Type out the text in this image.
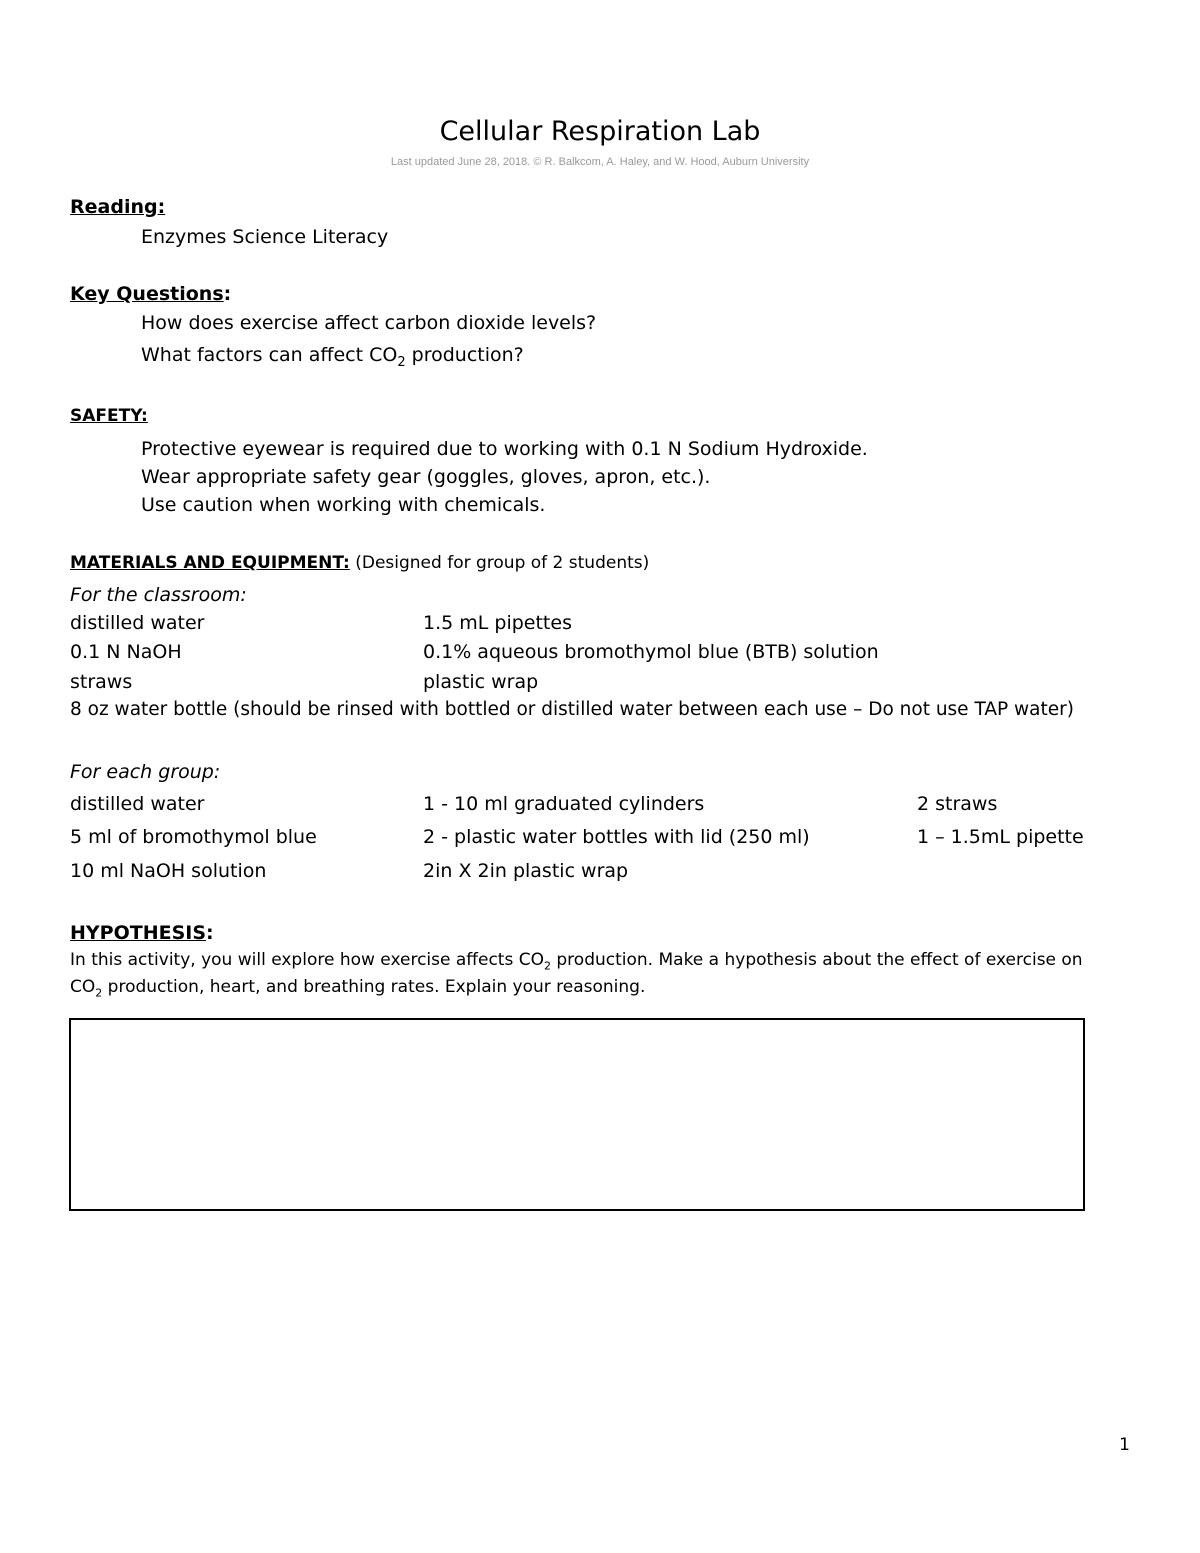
Cellular Respiration Lab
Last updated June 28, 2018. © R. Balkcom, A. Haley, and W. Hood, Auburn University
Reading:
Enzymes Science Literacy
Key Questions:
How does exercise affect carbon dioxide levels?
What factors can affect $CO_2$ production?
SAFETY:
Protective eyewear is required due to working with 0.1 N Sodium Hydroxide.
Wear appropriate safety gear (goggles, gloves, apron, etc.).
Use caution when working with chemicals.
MATERIALS AND EQUIPMENT: (Designed for group of 2 students)
For the classroom:
distilled water	1.5 mL pipettes
0.1 N NaOH	0.1% aqueous bromothymol blue (BTB) solution
straws	plastic wrap
8 oz water bottle (should be rinsed with bottled or distilled water between each use – Do not use TAP water)
For each group:
distilled water	1 - 10 ml graduated cylinders	2 straws
5 ml of bromothymol blue	2 - plastic water bottles with lid (250 ml)	1 – 1.5mL pipette
10 ml NaOH solution	2in X 2in plastic wrap
HYPOTHESIS:
In this activity, you will explore how exercise affects $CO_2$ production. Make a hypothesis about the effect of exercise on
$CO_2$ production, heart, and breathing rates. Explain your reasoning.
1
